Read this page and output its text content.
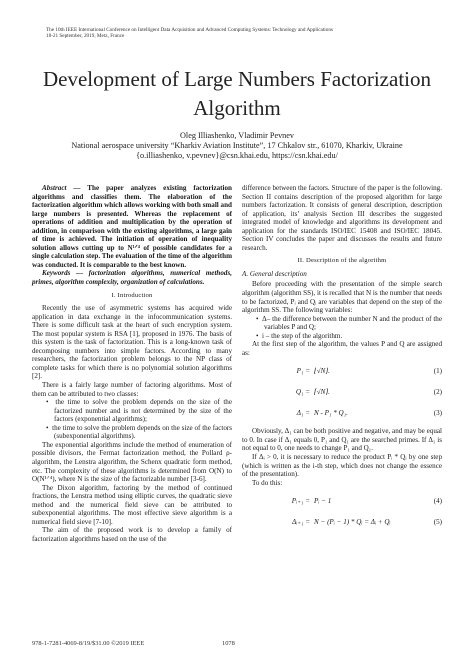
The 10th IEEE International Conference on Intelligent Data Acquisition and Advanced Computing Systems: Technology and Applications
18-21 September, 2019, Metz, France
Development of Large Numbers Factorization
Algorithm
Oleg Illiashenko, Vladimir Pevnev
National aerospace university “Kharkiv Aviation Institute”, 17 Chkalov str., 61070, Kharkiv, Ukraine
{o.illiashenko, v.pevnev}@csn.khai.edu, https://csn.khai.edu/

Abstract — The paper analyzes existing factorization algorithms and classifies them. The elaboration of the factorization algorithm which allows working with both small and large numbers is presented. Whereas the replacement of operations of addition and multiplication by the operation of addition, in comparison with the existing algorithms, a large gain of time is achieved. The initiation of operation of inequality solution allows cutting up to N¹ᐟ⁴ of possible candidates for a single calculation step. The evaluation of the time of the algorithm was conducted. It is comparable to the best known.

Keywords — factorization algorithms, numerical methods, primes, algorithm complexity, organization of calculations.

I. Introduction

Recently the use of asymmetric systems has acquired wide application in data exchange in the infocommunication systems. There is some difficult task at the heart of such encryption system. The most popular system is RSA [1], proposed in 1976. The basis of this system is the task of factorization. This is a long-known task of decomposing numbers into simple factors. According to many researchers, the factorization problem belongs to the NP class of complete tasks for which there is no polynomial solution algorithms [2].

There is a fairly large number of factoring algorithms. Most of them can be attributed to two classes:

•  the time to solve the problem depends on the size of the factorized number and is not determined by the size of the factors (exponential algorithms);

•  the time to solve the problem depends on the size of the factors (subexponential algorithms).

The exponential algorithms include the method of enumeration of possible divisors, the Fermat factorization method, the Pollard ρ-algorithm, the Lenstra algorithm, the Schenx quadratic form method, etc. The complexity of these algorithms is determined from O(N) to O(N¹ᐟ⁴), where N is the size of the factorizable number [3-6].

The Dixon algorithm, factoring by the method of continued fractions, the Lenstra method using elliptic curves, the quadratic sieve method and the numerical field sieve can be attributed to subexponential algorithms. The most effective sieve algorithm is a numerical field sieve [7-10].

The aim of the proposed work is to develop a family of factorization algorithms based on the use of the

difference between the factors. Structure of the paper is the following. Section II contains description of the proposed algorithm for large numbers factorization. It consists of general description, description of application, its’ analysis Section III describes the suggested integrated model of knowledge and algorithms its development and application for the standards ISO/IEC 15408 and ISO/IEC 18045. Section IV concludes the paper and discusses the results and future research.

II. Description of the algorithm
A. General description

Before proceeding with the presentation of the simple search algorithm (algorithm SS), it is recalled that N is the number that needs to be factorized, Pᵢ and Qᵢ are variables that depend on the step of the algorithm SS. The following variables:

•  Δ– the difference between the number N and the product of the variables P and Q;

•  i – the step of the algorithm.

At the first step of the algorithm, the values P and Q are assigned as:

P₁ = ⌊√N⌋.	(1)
Q₁ = ⌈√N⌉.	(2)
Δ₁ = N - P₁ * Q₁.	(3)

Obviously, Δ₁ can be both positive and negative, and may be equal to 0. In case if Δ₁ equals 0, P₁ and Q₁ are the searched primes. If Δ₁ is not equal to 0, one needs to change P₁ and Q₁.

If Δᵢ > 0, it is necessary to reduce the product Pᵢ * Qᵢ by one step (which is written as the i-th step, which does not change the essence of the presentation).

To do this:

Pᵢ₊₁ = Pᵢ − 1	(4)
Δᵢ₊₁ = N − (Pᵢ − 1) * Qᵢ = Δᵢ + Qᵢ	(5)
978-1-7281-4069-8/19/$31.00 ©2019 IEEE	1078
